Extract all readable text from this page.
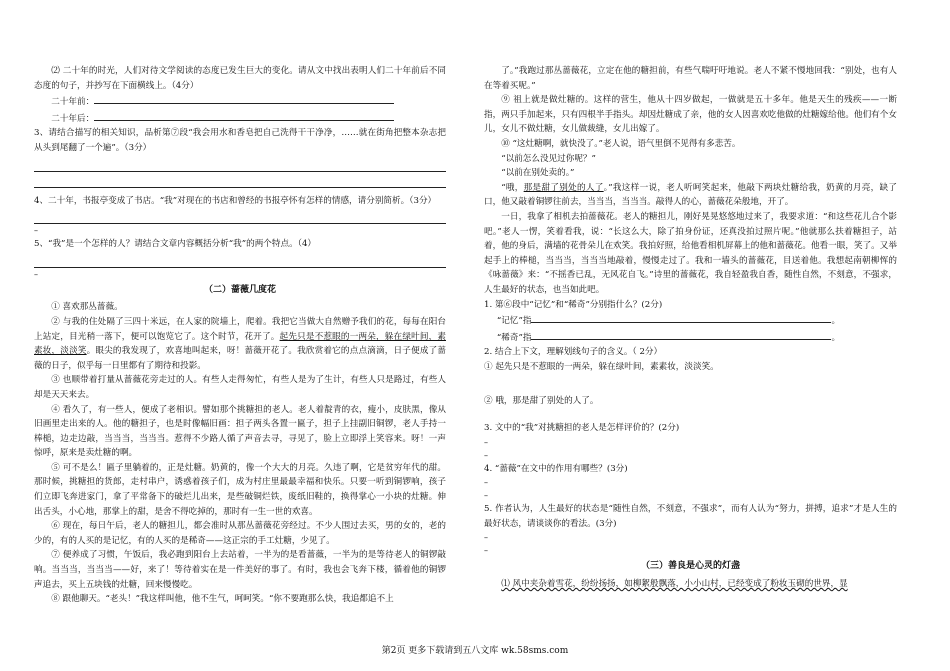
⑵ 二十年的时光，人们对待文学阅读的态度已发生巨大的变化。请从文中找出表明人们二十年前后不同态度的句子，并抄写在下面横线上。（4分）

二十年前：
二十年后：

3、请结合描写的相关知识，品析第⑦段“我会用水和香皂把自己洗得干干净净，……就在街角把整本杂志把从头到尾翻了一个遍”。（3分）

4、二十年，书报亭变成了书店。“我”对现在的书店和曾经的书报亭怀有怎样的情感，请分别简析。（3分）

–

5、“我”是一个怎样的人？请结合文章内容概括分析“我”的两个特点。（4）

–
（二）蔷薇几度花

① 喜欢那丛蔷薇。

② 与我的住处隔了三四十米远，在人家的院墙上，爬着。我把它当做大自然赠予我们的花，每每在阳台上站定，目光稍一落下，便可以饱览它了。这个时节，花开了。起先只是不惹眼的一两朵，躲在绿叶间，素素妆，淡淡笑。眼尖的我发现了，欢喜地叫起来，呀！蔷薇开花了。我欣赏着它的点点滴滴，日子便成了蔷薇的日子，似乎每一日里都有了期待和投影。

③ 也顺带着打量从蔷薇花旁走过的人。有些人走得匆忙，有些人是为了生计，有些人只是路过，有些人却是天天来去。

④ 看久了，有一些人，便成了老相识。譬如那个挑糖担的老人。老人着靛青的衣，瘦小，皮肤黑，像从旧画里走出来的人。他的糖担子，也是时像幅旧画：担子两头各置一匾子，担子上挂副旧铜锣，老人手持一棒槌，边走边敲，当当当，当当当。惹得不少路人循了声音去寻，寻见了，脸上立即浮上笑容来。呀！一声惊呼，原来是卖灶糖的啊。

⑤ 可不是么！匾子里躺着的，正是灶糖。奶黄的，像一个大大的月亮。久违了啊，它是贫穷年代的甜。那时候，挑糖担的货郎，走村串户，诱惑着孩子们，成为村庄里最最幸福和快乐。只要一听到铜锣响，孩子们立即飞奔进家门，拿了平常备下的破烂儿出来，是些破铜烂铁，废纸旧鞋的，换得掌心一小块的灶糖。伸出舌头，小心地，那掌上的甜，是舍不得吃掉的，那时有一生一世的欢喜。

⑥ 现在，每日午后，老人的糖担儿，都会准时从那丛蔷薇花旁经过。不少人围过去买，男的女的，老的少的，有的人买的是记忆，有的人买的是稀奇——这正宗的手工灶糖，少见了。

⑦ 便养成了习惯，午饭后，我必跑到阳台上去站着，一半为的是看蔷薇，一半为的是等待老人的铜锣敲响。当当当，当当当——好，来了！等待着实在是一件美好的事了。有时，我也会飞奔下楼，循着他的铜锣声追去，买上五块钱的灶糖，回来慢慢吃。

⑧ 跟他聊天。“老头！”我这样叫他，他不生气，呵呵笑。“你不要跑那么快，我追都追不上

了。”我跑过那丛蔷薇花，立定在他的糖担前，有些气喘吁吁地说。老人不紧不慢地回我：“别处，也有人在等着买呢。”

⑨ 祖上就是做灶糖的。这样的营生，他从十四岁做起，一做就是五十多年。他是天生的残疾——一断指，两只手加起来，只有四根半手指头。却因灶糖成了亲，他的女人因喜欢吃他做的灶糖嫁给他。他们有个女儿，女儿不做灶糖，女儿做裁缝，女儿出嫁了。

⑩ “这灶糖啊，就快没了。”老人说，语气里倒不见得有多悲苦。

“以前怎么没见过你呢？”

“以前在别处卖的。”

“哦，那是甜了别处的人了。”我这样一说，老人听呵笑起来，他敲下两块灶糖给我，奶黄的月亮，缺了口，他又敲着铜锣往前去，当当当，当当当。敲得人的心，蔷薇花朵般地，开了。

一日，我拿了相机去拍蔷薇花。老人的糖担儿，刚好晃晃悠悠地过来了，我要求道：“和这些花儿合个影吧。”老人一愣，笑着看我，说：“长这么大，除了拍身份证，还真没拍过照片呢。”他就那么扶着糖担子，站着，他的身后，满墙的花骨朵儿在欢笑。我拍好照，给他看相机屏幕上的他和蔷薇花。他看一眼，笑了。又举起手上的棒槌，当当当，当当当地敲着，慢慢走过了。我和一墙头的蔷薇花，目送着他。我想起南朝柳恽的《咏蔷薇》来：“不摇香已乱，无风花自飞。”诗里的蔷薇花，我自轻盈我自香，随性自然，不刻意，不强求，人生最好的状态，也当如此吧。

1. 第⑥段中“记忆”和“稀奇”分别指什么？(2分)

“记忆”指	。
“稀奇”指	。

2. 结合上下文，理解划线句子的含义。（ 2分）

① 起先只是不惹眼的一两朵，躲在绿叶间，素素妆，淡淡笑。

② 哦，那是甜了别处的人了。

3. 文中的“我”对挑糖担的老人是怎样评价的？(2分)

–
–

4. “蔷薇”在文中的作用有哪些？(3分)

–
–

5. 作者认为，人生最好的状态是“随性自然，不刻意，不强求”，而有人认为“努力，拼搏，追求”才是人生的最好状态，请谈谈你的看法。(3分)

–
–
（三）善良是心灵的灯盏

⑴ 风中夹杂着雪花，纷纷扬扬，如柳絮般飘落，小小山村，已经变成了粉妆玉砌的世界，显

第2页 更多下载请到五八文库 wk.58sms.com
